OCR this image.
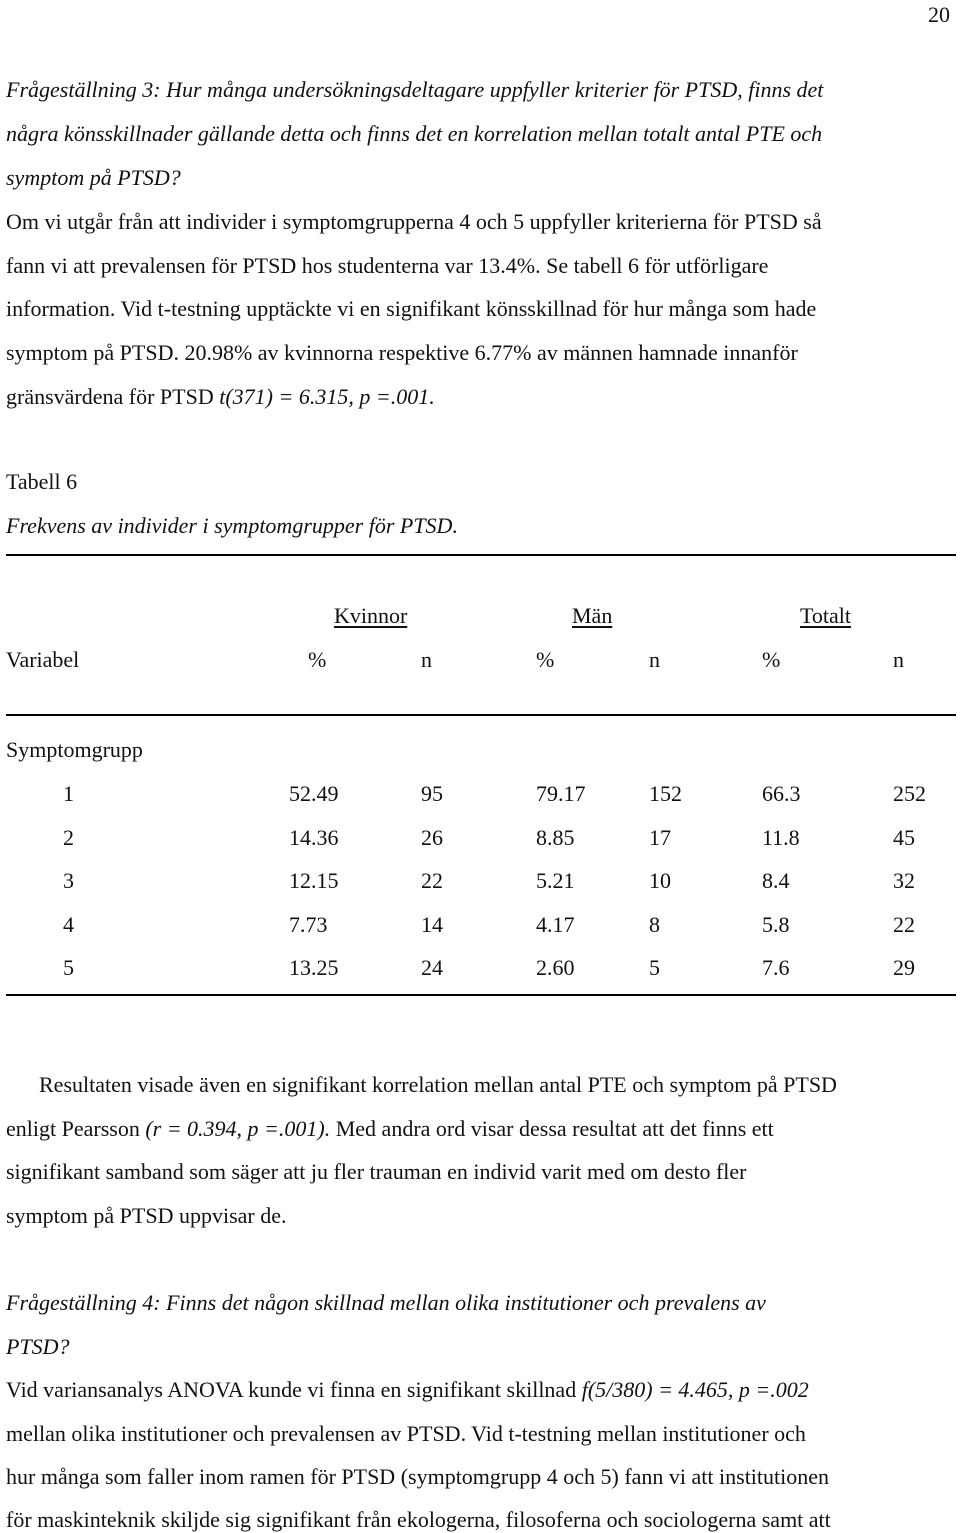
20
Frågeställning 3: Hur många undersökningsdeltagare uppfyller kriterier för PTSD, finns det
några könsskillnader gällande detta och finns det en korrelation mellan totalt antal PTE och
symptom på PTSD?
Om vi utgår från att individer i symptomgrupperna 4 och 5 uppfyller kriterierna för PTSD så
fann vi att prevalensen för PTSD hos studenterna var 13.4%. Se tabell 6 för utförligare
information. Vid t-testning upptäckte vi en signifikant könsskillnad för hur många som hade
symptom på PTSD. 20.98% av kvinnorna respektive 6.77% av männen hamnade innanför
gränsvärdena för PTSD t(371) = 6.315, p =.001.
Tabell 6
Frekvens av individer i symptomgrupper för PTSD.
Kvinnor	Män	Totalt
Variabel	%	n	%	n	%	n
Symptomgrupp
1	52.49	95	79.17	152	66.3	252
2	14.36	26	8.85	17	11.8	45
3	12.15	22	5.21	10	8.4	32
4	7.73	14	4.17	8	5.8	22
5	13.25	24	2.60	5	7.6	29
Resultaten visade även en signifikant korrelation mellan antal PTE och symptom på PTSD
enligt Pearsson (r = 0.394, p =.001). Med andra ord visar dessa resultat att det finns ett
signifikant samband som säger att ju fler trauman en individ varit med om desto fler
symptom på PTSD uppvisar de.
Frågeställning 4: Finns det någon skillnad mellan olika institutioner och prevalens av
PTSD?
Vid variansanalys ANOVA kunde vi finna en signifikant skillnad f(5/380) = 4.465, p =.002
mellan olika institutioner och prevalensen av PTSD. Vid t-testning mellan institutioner och
hur många som faller inom ramen för PTSD (symptomgrupp 4 och 5) fann vi att institutionen
för maskinteknik skiljde sig signifikant från ekologerna, filosoferna och sociologerna samt att
